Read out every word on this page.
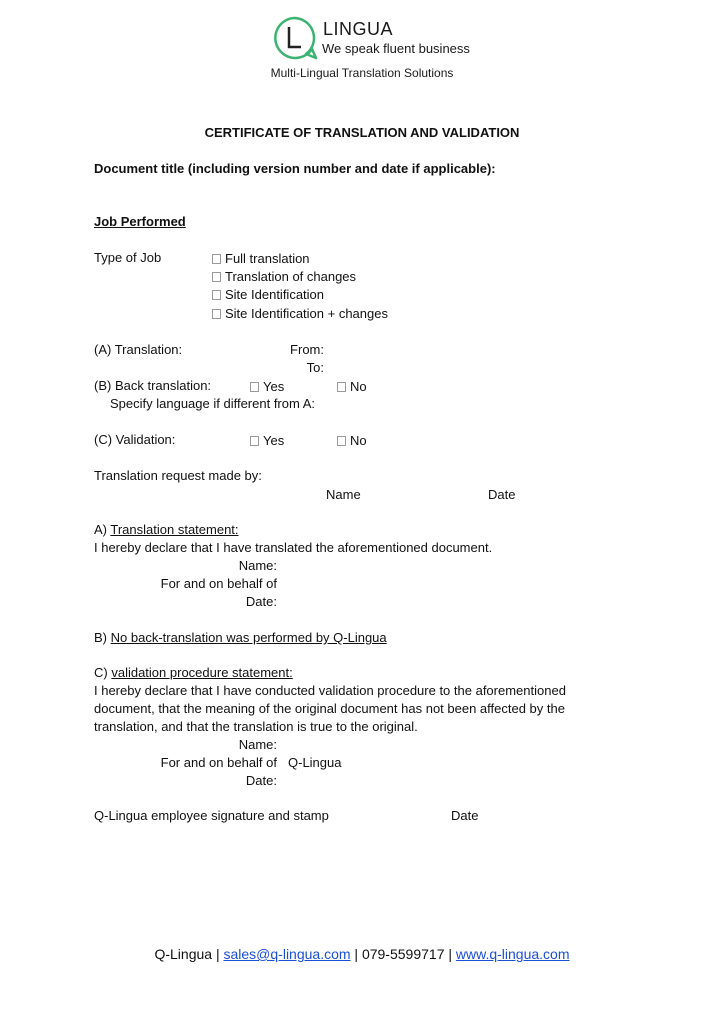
LINGUA
We speak fluent business
Multi-Lingual Translation Solutions
CERTIFICATE OF TRANSLATION AND VALIDATION
Document title (including version number and date if applicable):
Job Performed
Type of Job	Full translation
Translation of changes
Site Identification
Site Identification + changes
(A) Translation:	From:
To:
(B) Back translation:	Yes	No
Specify language if different from A:
(C) Validation:	Yes	No
Translation request made by:
Name	Date
A) Translation statement:
I hereby declare that I have translated the aforementioned document.
Name:
For and on behalf of
Date:
B) No back-translation was performed by Q-Lingua
C) validation procedure statement:
I hereby declare that I have conducted validation procedure to the aforementioned
document, that the meaning of the original document has not been affected by the
translation, and that the translation is true to the original.
Name:
For and on behalf of Q-Lingua
Date:
Q-Lingua employee signature and stamp	Date
Q-Lingua | sales@q-lingua.com | 079-5599717 | www.q-lingua.com
